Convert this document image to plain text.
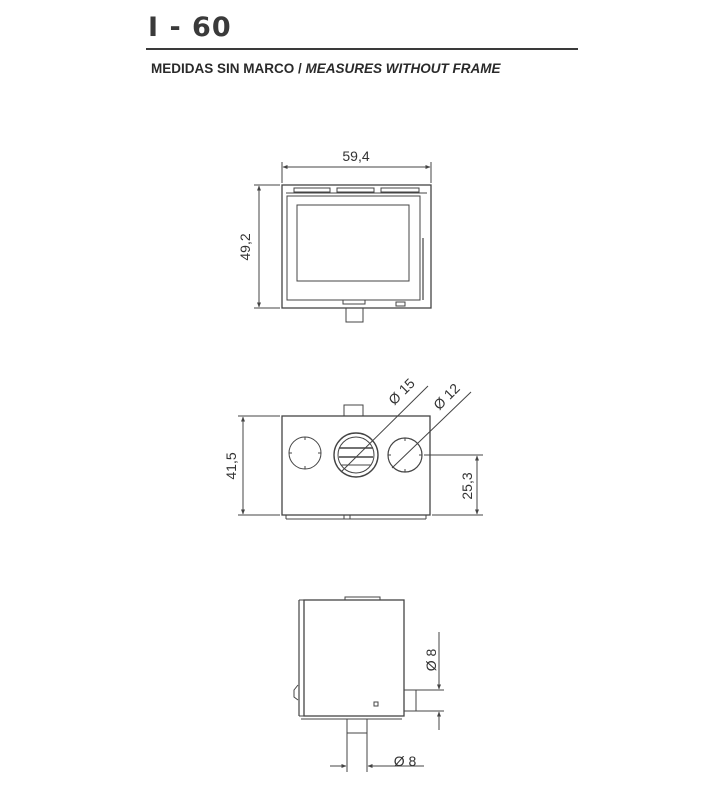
I - 60
MEDIDAS SIN MARCO / MEASURES WITHOUT FRAME
59,4
49,2
41,5
25,3
Ø 15 Ø 12
Ø 8
Ø 8
